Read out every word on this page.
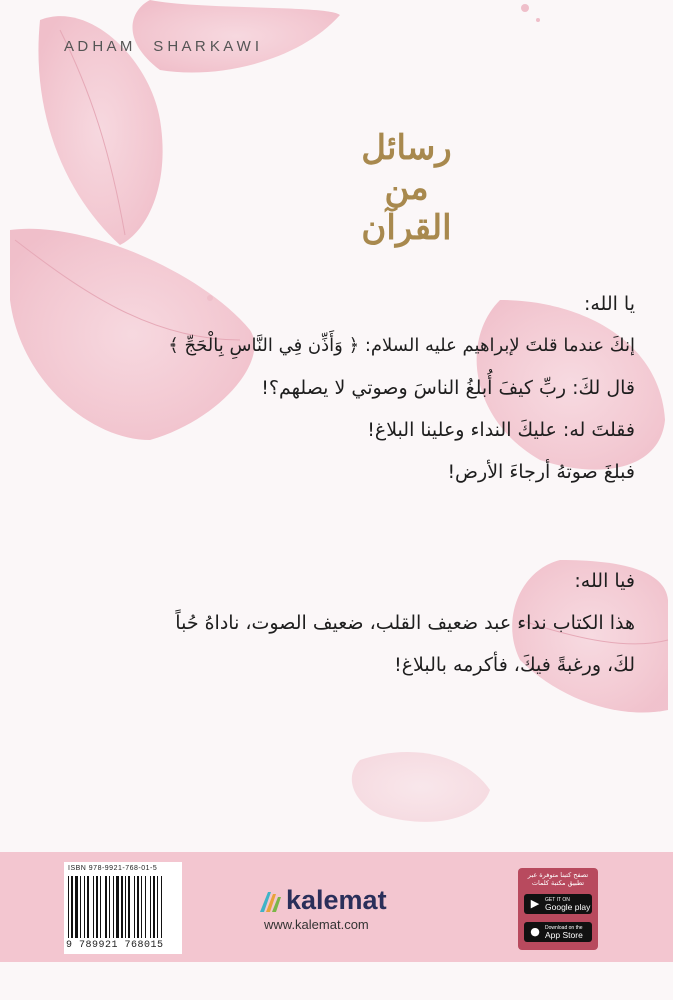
A D H A M     S H A R K A W I
رسائل
من
القرآن
يا الله:
إنكَ عندما قلتَ لإبراهيم عليه السلام: ﴿ وَأَذِّن فِي النَّاسِ بِالْحَجِّ ﴾
قال لكَ: ربِّ كيفَ أُبلغُ الناسَ وصوتي لا يصلهم؟!
فقلتَ له: عليكَ النداء وعلينا البلاغ!
فبلغَ صوتهُ أرجاءَ الأرض!
فيا الله:
هذا الكتاب نداء عبد ضعيف القلب، ضعيف الصوت، ناداهُ حُباً
لكَ، ورغبةً فيكَ، فأكرمه بالبلاغ!
ISBN 978-9921-768-01-5
9 789921 768015
kalemat
www.kalemat.com
تصفح كتبنا متوفرة عبر تطبيق مكتبة كلمات
▶	GET IT ON
Google play
●	Download on the
App Store
